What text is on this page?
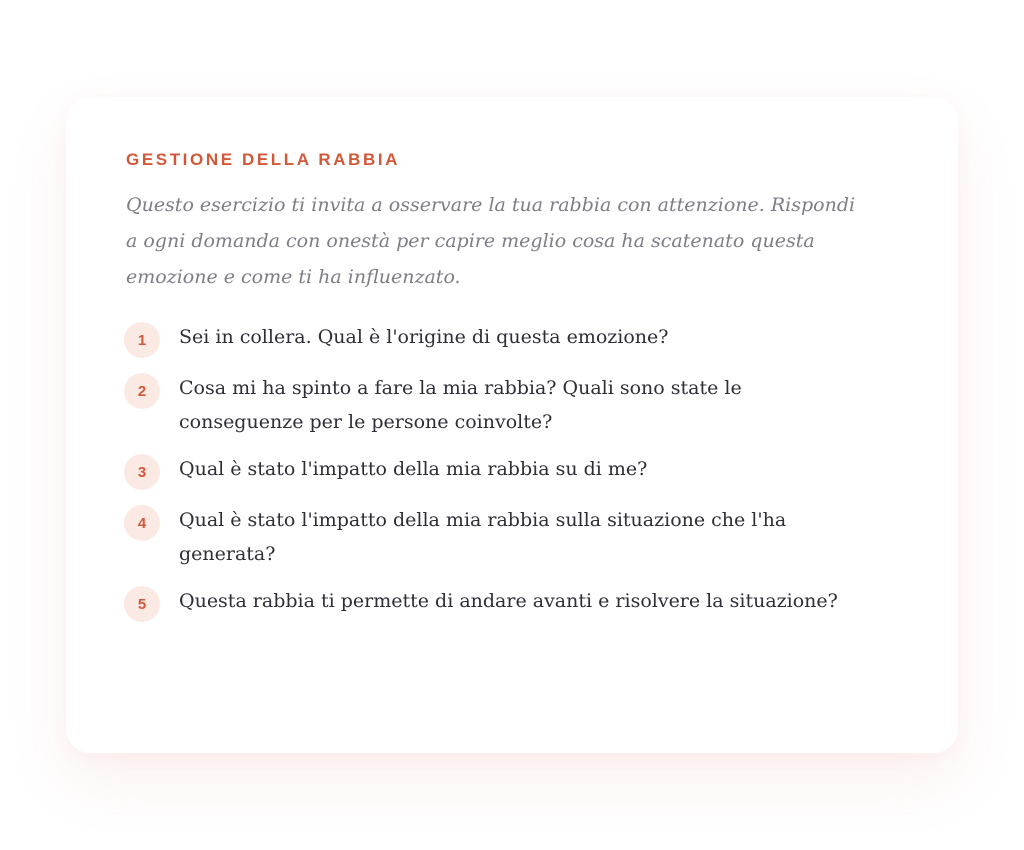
GESTIONE DELLA RABBIA

Questo esercizio ti invita a osservare la tua rabbia con attenzione. Rispondi a ogni domanda con onestà per capire meglio cosa ha scatenato questa emozione e come ti ha influenzato.

1	Sei in collera. Qual è l'origine di questa emozione?
2	Cosa mi ha spinto a fare la mia rabbia? Quali sono state le conseguenze per le persone coinvolte?
3	Qual è stato l'impatto della mia rabbia su di me?
4	Qual è stato l'impatto della mia rabbia sulla situazione che l'ha generata?
5	Questa rabbia ti permette di andare avanti e risolvere la situazione?
